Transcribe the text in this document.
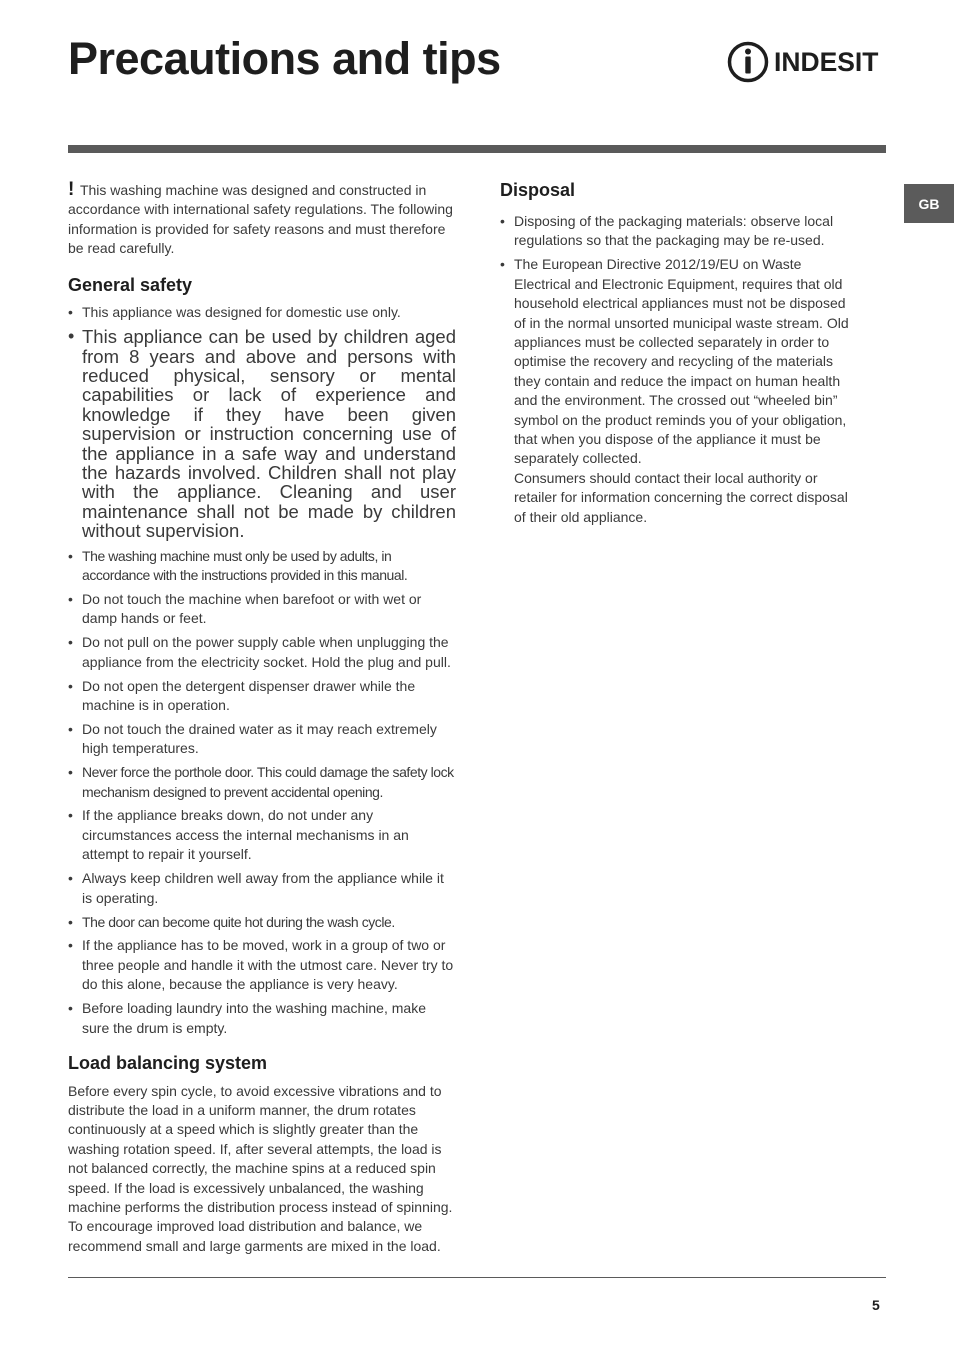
Precautions and tips	INDESIT
GB

! This washing machine was designed and constructed in accordance with international safety regulations. The following information is provided for safety reasons and must therefore be read carefully.

General safety
• This appliance was designed for domestic use only.
• This appliance can be used by children aged from 8 years and above and persons with reduced physical, sensory or mental capabilities or lack of experience and knowledge if they have been given supervision or instruction concerning use of the appliance in a safe way and understand the hazards involved. Children shall not play with the appliance. Cleaning and user maintenance shall not be made by children without supervision.
• The washing machine must only be used by adults, in accordance with the instructions provided in this manual.
• Do not touch the machine when barefoot or with wet or damp hands or feet.
• Do not pull on the power supply cable when unplugging the appliance from the electricity socket. Hold the plug and pull.
• Do not open the detergent dispenser drawer while the machine is in operation.
• Do not touch the drained water as it may reach extremely high temperatures.
• Never force the porthole door. This could damage the safety lock mechanism designed to prevent accidental opening.
• If the appliance breaks down, do not under any circumstances access the internal mechanisms in an attempt to repair it yourself.
• Always keep children well away from the appliance while it is operating.
• The door can become quite hot during the wash cycle.
• If the appliance has to be moved, work in a group of two or three people and handle it with the utmost care. Never try to do this alone, because the appliance is very heavy.
• Before loading laundry into the washing machine, make sure the drum is empty.
Load balancing system

Before every spin cycle, to avoid excessive vibrations and to distribute the load in a uniform manner, the drum rotates continuously at a speed which is slightly greater than the washing rotation speed. If, after several attempts, the load is not balanced correctly, the machine spins at a reduced spin speed. If the load is excessively unbalanced, the washing machine performs the distribution process instead of spinning. To encourage improved load distribution and balance, we recommend small and large garments are mixed in the load.

Disposal
• Disposing of the packaging materials: observe local regulations so that the packaging may be re-used.
• The European Directive 2012/19/EU on Waste Electrical and Electronic Equipment, requires that old household electrical appliances must not be disposed of in the normal unsorted municipal waste stream. Old appliances must be collected separately in order to optimise the recovery and recycling of the materials they contain and reduce the impact on human health and the environment. The crossed out “wheeled bin” symbol on the product reminds you of your obligation, that when you dispose of the appliance it must be separately collected.
Consumers should contact their local authority or retailer for information concerning the correct disposal of their old appliance.
5
